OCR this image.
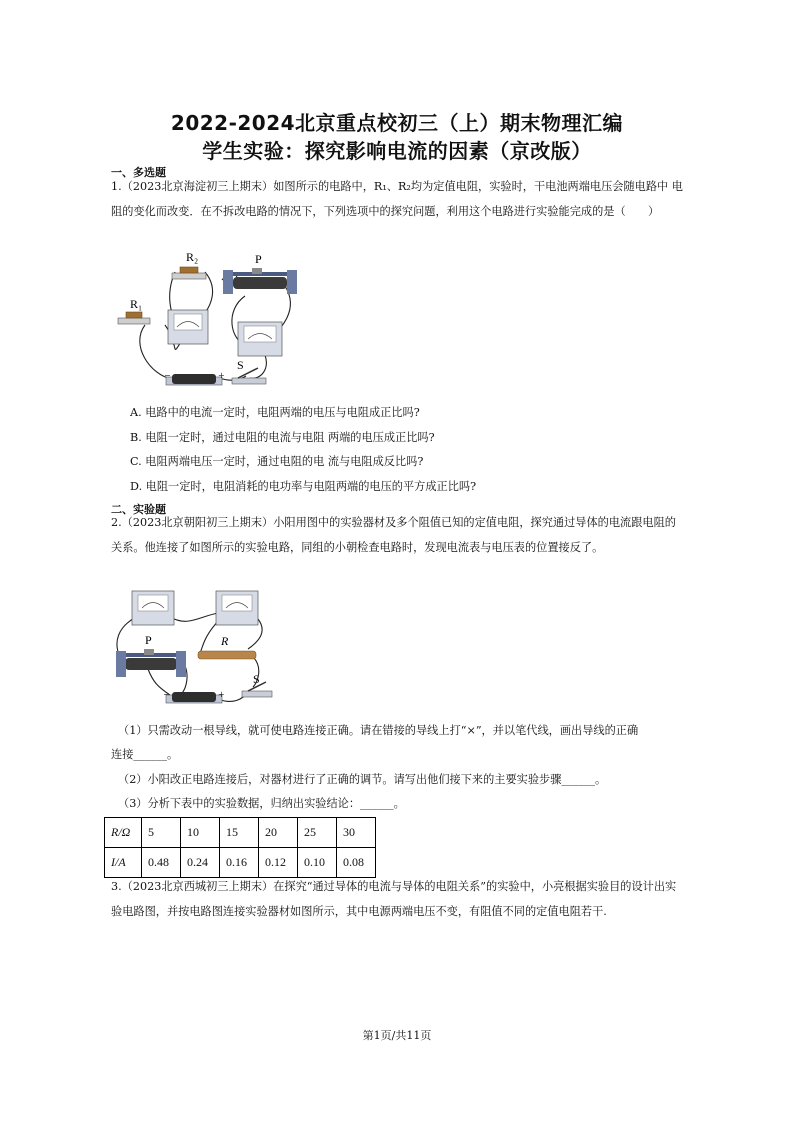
2022-2024北京重点校初三（上）期末物理汇编
学生实验：探究影响电流的因素（京改版）
一、多选题
1.（2023北京海淀初三上期末）如图所示的电路中，R₁、R₂均为定值电阻，实验时，干电池两端电压会随电路中 电阻的变化而改变．在不拆改电路的情况下，下列选项中的探究问题，利用这个电路进行实验能完成的是（　　）
R₁
R₂	P
−	+
S
A. 电路中的电流一定时，电阻两端的电压与电阻成正比吗?
B. 电阻一定时，通过电阻的电流与电阻 两端的电压成正比吗?
C. 电阻两端电压一定时，通过电阻的电 流与电阻成反比吗?
D. 电阻一定时，电阻消耗的电功率与电阻两端的电压的平方成正比吗?
二、实验题
2.（2023北京朝阳初三上期末）小阳用图中的实验器材及多个阻值已知的定值电阻，探究通过导体的电流跟电阻的关系。他连接了如图所示的实验电路，同组的小朝检查电路时，发现电流表与电压表的位置接反了。
P	R
−	+
S
（1）只需改动一根导线，就可使电路连接正确。请在错接的导线上打“×”，并以笔代线，画出导线的正确
连接______。
（2）小阳改正电路连接后，对器材进行了正确的调节。请写出他们接下来的主要实验步骤______。
（3）分析下表中的实验数据，归纳出实验结论：______。
R/Ω	5	10	15	20	25	30
I/A	0.48	0.24	0.16	0.12	0.10	0.08
3.（2023北京西城初三上期末）在探究“通过导体的电流与导体的电阻关系”的实验中，小亮根据实验目的设计出实验电路图，并按电路图连接实验器材如图所示，其中电源两端电压不变，有阻值不同的定值电阻若干.
第1页/共11页
